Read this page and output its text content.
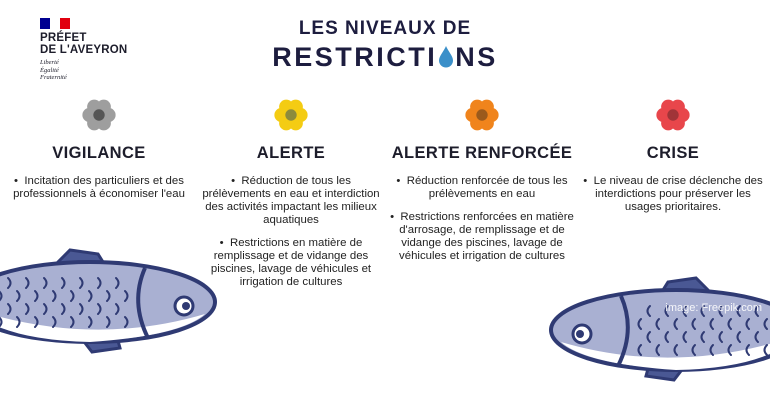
PRÉFET
DE L'AVEYRON
Liberté
Égalité
Fraternité
LES NIVEAUX DE
RESTRICTI NS
VIGILANCE
•  Incitation des particuliers et des professionnels à économiser l'eau
ALERTE
•  Réduction de tous les prélèvements en eau et interdiction des activités impactant les milieux aquatiques
•  Restrictions en matière de remplissage et de vidange des piscines, lavage de véhicules et irrigation de cultures
ALERTE RENFORCÉE
•  Réduction renforcée de tous les prélèvements en eau
•  Restrictions renforcées en matière d'arrosage, de remplissage et de vidange des piscines, lavage de véhicules et irrigation de cultures
CRISE
•  Le niveau de crise déclenche des interdictions pour préserver les usages prioritaires.
image: Freepik.com
